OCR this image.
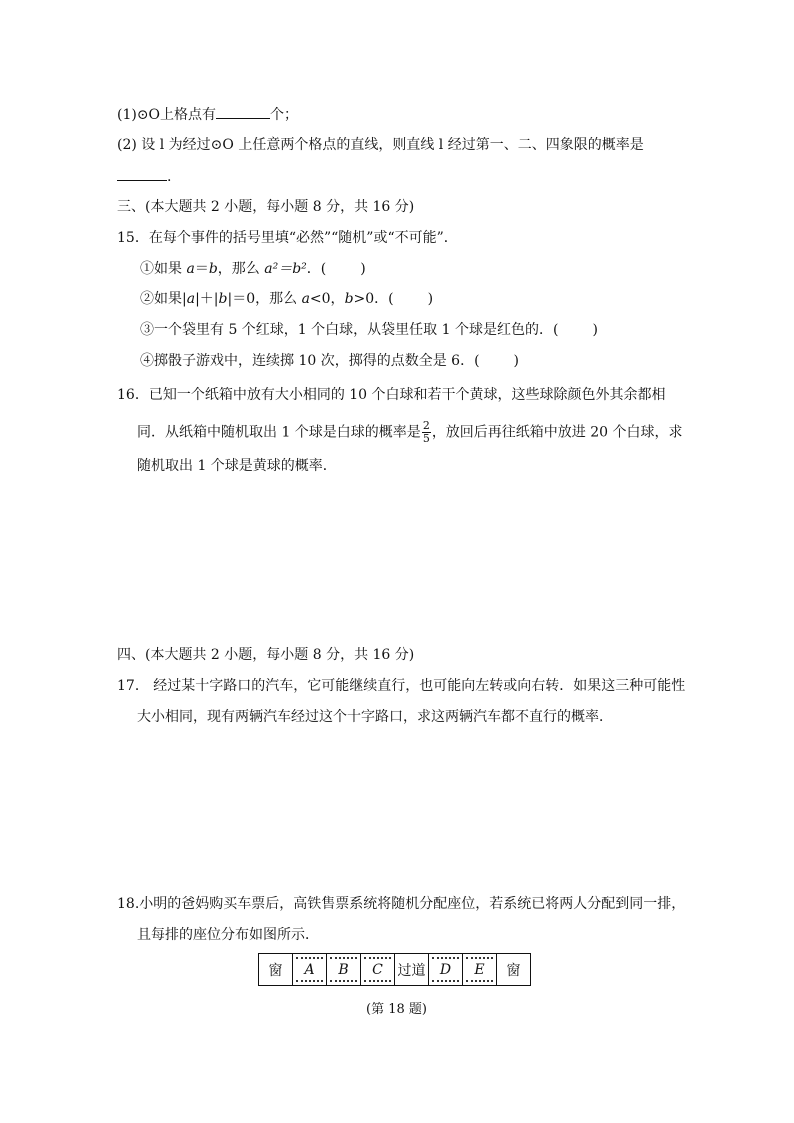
(1)⊙O上格点有	个；
(2) 设 l 为经过⊙O 上任意两个格点的直线，则直线 l 经过第一、二、四象限的概率是
.
三、(本大题共 2 小题，每小题 8 分，共 16 分)
15．在每个事件的括号里填“必然”“随机”或“不可能”．
①如果 a＝b，那么 a²＝b²．( )
②如果|a|＋|b|＝0，那么 a<0，b>0．( )
③一个袋里有 5 个红球，1 个白球，从袋里任取 1 个球是红色的．( )
④掷骰子游戏中，连续掷 10 次，掷得的点数全是 6．( )
16．已知一个纸箱中放有大小相同的 10 个白球和若干个黄球，这些球除颜色外其余都相
同．从纸箱中随机取出 1 个球是白球的概率是 $\frac{2}{5}$ ，放回后再往纸箱中放进 20 个白球，求
随机取出 1 个球是黄球的概率．
四、(本大题共 2 小题，每小题 8 分，共 16 分)
17． 经过某十字路口的汽车，它可能继续直行，也可能向左转或向右转．如果这三种可能性
大小相同，现有两辆汽车经过这个十字路口，求这两辆汽车都不直行的概率．
18.小明的爸妈购买车票后，高铁售票系统将随机分配座位，若系统已将两人分配到同一排，
且每排的座位分布如图所示．
窗	A	B	C	过道	D	E	窗
(第 18 题)
